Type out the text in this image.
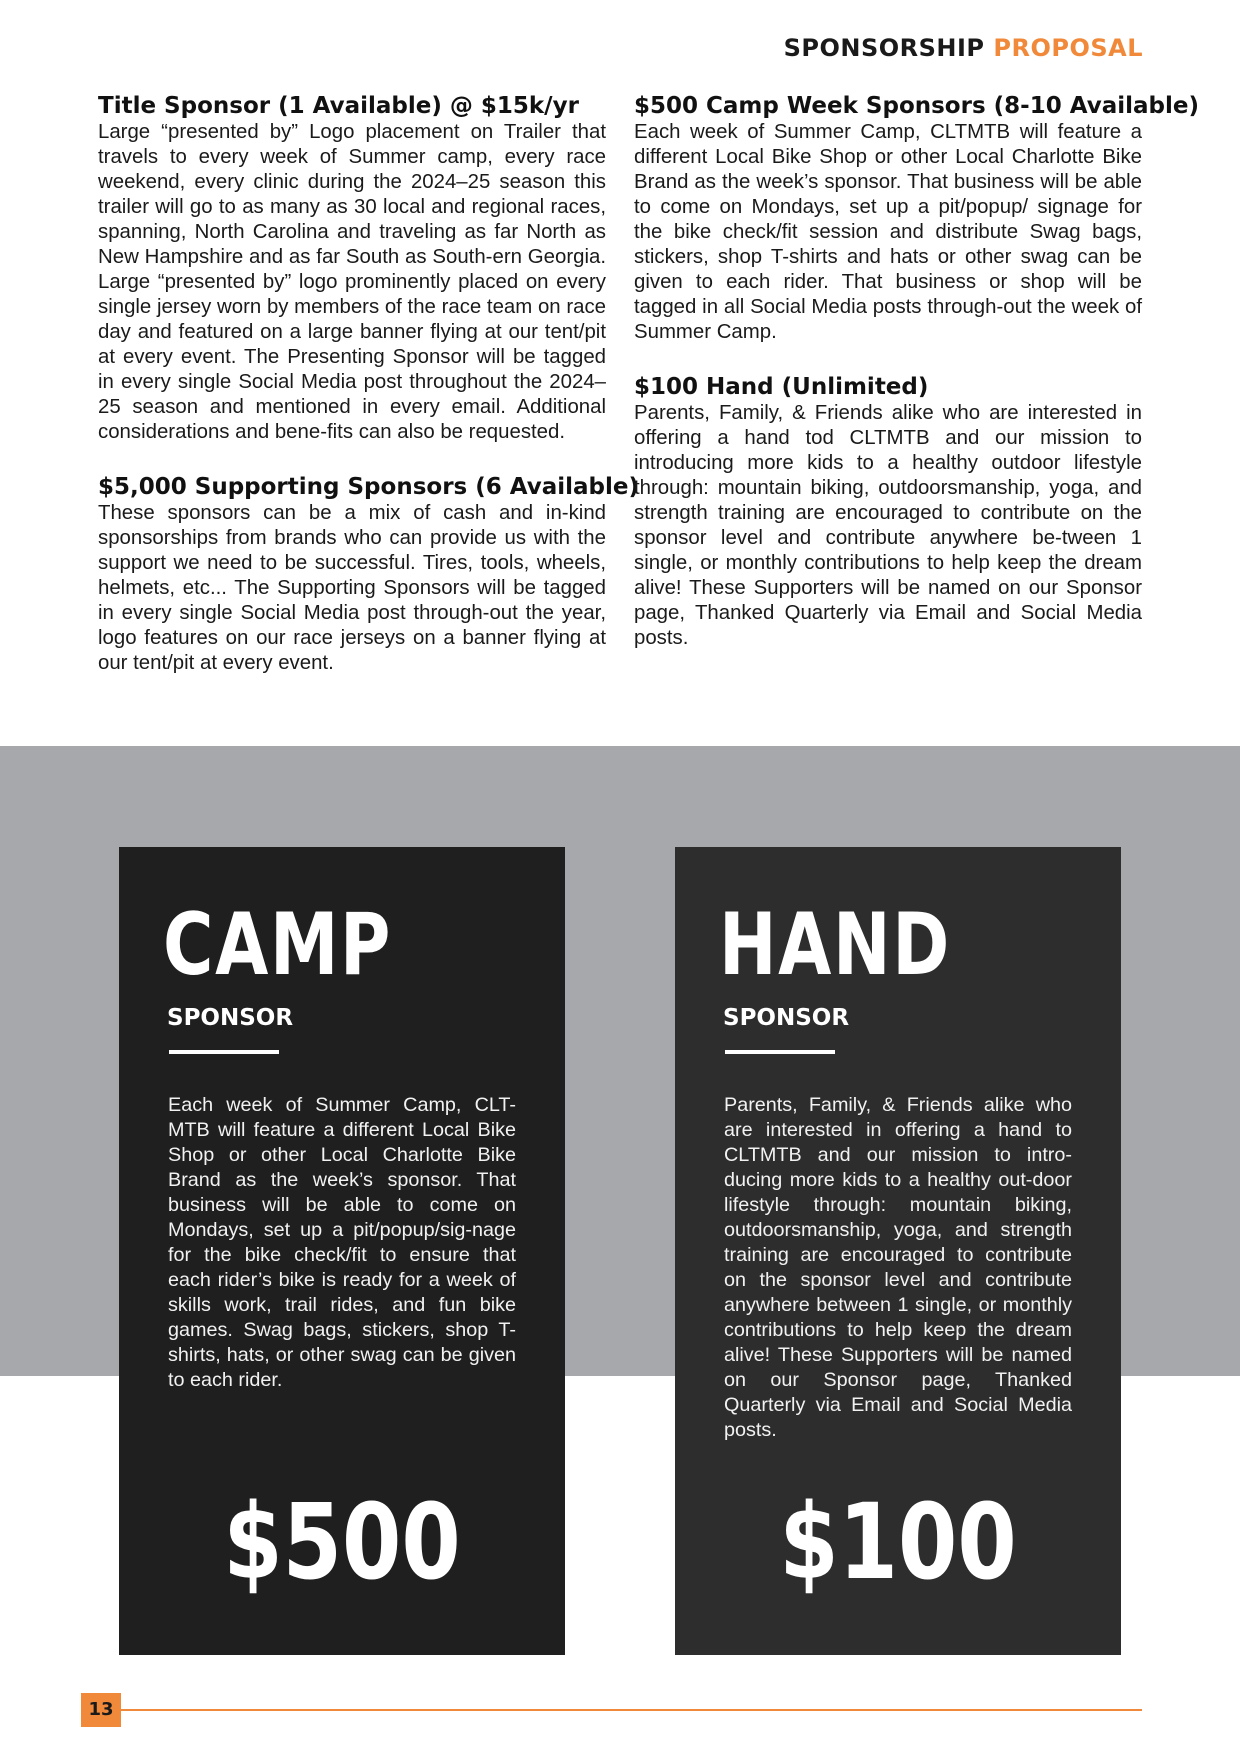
SPONSORSHIP PROPOSAL
Title Sponsor (1 Available) @ $15k/yr

Large “presented by” Logo placement on Trailer that travels to every week of Summer camp, every race weekend, every clinic during the 2024–25 season this trailer will go to as many as 30 local and regional races, spanning, North Carolina and traveling as far North as New Hampshire and as far South as South-ern Georgia. Large “presented by” logo prominently placed on every single jersey worn by members of the race team on race day and featured on a large banner flying at our tent/pit at every event. The Presenting Sponsor will be tagged in every single Social Media post throughout the 2024–25 season and mentioned in every email. Additional considerations and bene-fits can also be requested.

$5,000 Supporting Sponsors (6 Available)

These sponsors can be a mix of cash and in-kind sponsorships from brands who can provide us with the support we need to be successful. Tires, tools, wheels, helmets, etc... The Supporting Sponsors will be tagged in every single Social Media post through-out the year, logo features on our race jerseys on a banner flying at our tent/pit at every event.

$500 Camp Week Sponsors (8-10 Available)

Each week of Summer Camp, CLTMTB will feature a different Local Bike Shop or other Local Charlotte Bike Brand as the week’s sponsor. That business will be able to come on Mondays, set up a pit/popup/ signage for the bike check/fit session and distribute Swag bags, stickers, shop T-shirts and hats or other swag can be given to each rider. That business or shop will be tagged in all Social Media posts through-out the week of Summer Camp.

$100 Hand (Unlimited)

Parents, Family, & Friends alike who are interested in offering a hand tod CLTMTB and our mission to introducing more kids to a healthy outdoor lifestyle through: mountain biking, outdoorsmanship, yoga, and strength training are encouraged to contribute on the sponsor level and contribute anywhere be-tween 1 single, or monthly contributions to help keep the dream alive! These Supporters will be named on our Sponsor page, Thanked Quarterly via Email and Social Media posts.

CAMP
SPONSOR
Each week of Summer Camp, CLT-MTB will feature a different Local Bike Shop or other Local Charlotte Bike Brand as the week’s sponsor. That business will be able to come on Mondays, set up a pit/popup/sig-nage for the bike check/fit to ensure that each rider’s bike is ready for a week of skills work, trail rides, and fun bike games. Swag bags, stickers, shop T-shirts, hats, or other swag can be given to each rider.
$500
HAND
SPONSOR
Parents, Family, & Friends alike who are interested in offering a hand to CLTMTB and our mission to intro-ducing more kids to a healthy out-door lifestyle through: mountain biking, outdoorsmanship, yoga, and strength training are encouraged to contribute on the sponsor level and contribute anywhere between 1 single, or monthly contributions to help keep the dream alive! These Supporters will be named on our Sponsor page, Thanked Quarterly via Email and Social Media posts.
$100
13
